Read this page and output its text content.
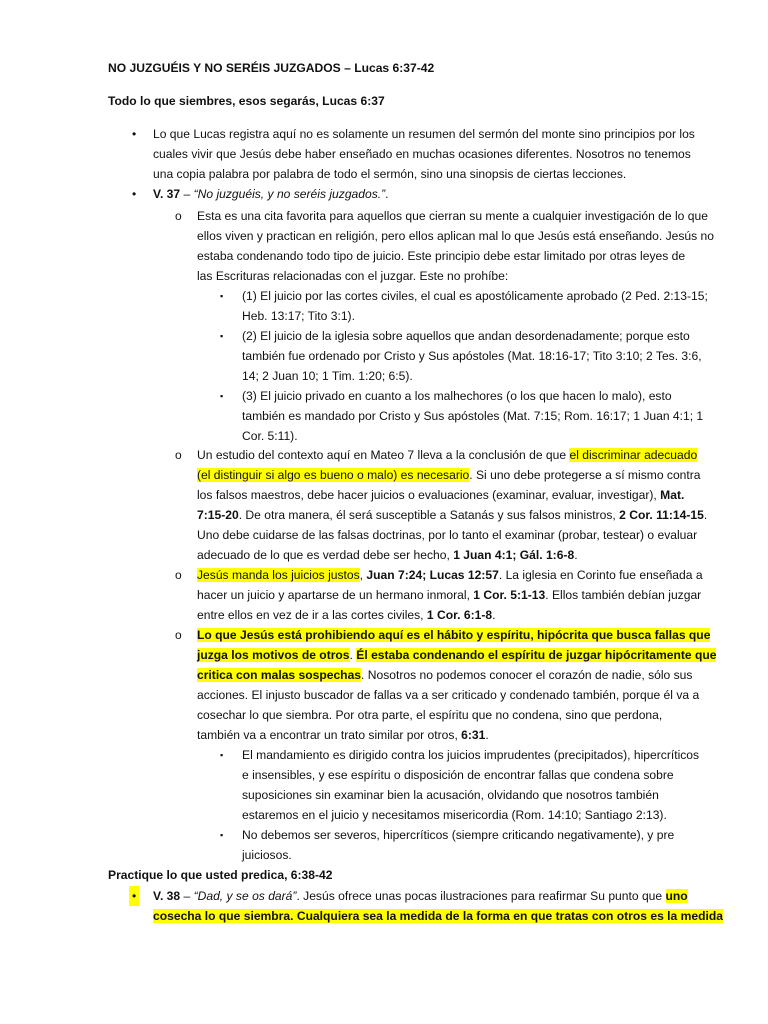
NO JUZGUÉIS Y NO SERÉIS JUZGADOS – Lucas 6:37-42
Todo lo que siembres, esos segarás, Lucas 6:37
• Lo que Lucas registra aquí no es solamente un resumen del sermón del monte sino principios por los
cuales vivir que Jesús debe haber enseñado en muchas ocasiones diferentes. Nosotros no tenemos
una copia palabra por palabra de todo el sermón, sino una sinopsis de ciertas lecciones.
• V. 37 – “No juzguéis, y no seréis juzgados.”.
o Esta es una cita favorita para aquellos que cierran su mente a cualquier investigación de lo que
ellos viven y practican en religión, pero ellos aplican mal lo que Jesús está enseñando. Jesús no
estaba condenando todo tipo de juicio. Este principio debe estar limitado por otras leyes de
las Escrituras relacionadas con el juzgar. Este no prohíbe:
▪ (1) El juicio por las cortes civiles, el cual es apostólicamente aprobado (2 Ped. 2:13-15;
Heb. 13:17; Tito 3:1).
▪ (2) El juicio de la iglesia sobre aquellos que andan desordenadamente; porque esto
también fue ordenado por Cristo y Sus apóstoles (Mat. 18:16-17; Tito 3:10; 2 Tes. 3:6,
14; 2 Juan 10; 1 Tim. 1:20; 6:5).
▪ (3) El juicio privado en cuanto a los malhechores (o los que hacen lo malo), esto
también es mandado por Cristo y Sus apóstoles (Mat. 7:15; Rom. 16:17; 1 Juan 4:1; 1
Cor. 5:11).
o Un estudio del contexto aquí en Mateo 7 lleva a la conclusión de que el discriminar adecuado
(el distinguir si algo es bueno o malo) es necesario. Si uno debe protegerse a sí mismo contra
los falsos maestros, debe hacer juicios o evaluaciones (examinar, evaluar, investigar), Mat.
7:15-20. De otra manera, él será susceptible a Satanás y sus falsos ministros, 2 Cor. 11:14-15.
Uno debe cuidarse de las falsas doctrinas, por lo tanto el examinar (probar, testear) o evaluar
adecuado de lo que es verdad debe ser hecho, 1 Juan 4:1; Gál. 1:6-8.
o Jesús manda los juicios justos, Juan 7:24; Lucas 12:57. La iglesia en Corinto fue enseñada a
hacer un juicio y apartarse de un hermano inmoral, 1 Cor. 5:1-13. Ellos también debían juzgar
entre ellos en vez de ir a las cortes civiles, 1 Cor. 6:1-8.
o Lo que Jesús está prohibiendo aquí es el hábito y espíritu, hipócrita que busca fallas que
juzga los motivos de otros. Él estaba condenando el espíritu de juzgar hipócritamente que
critica con malas sospechas. Nosotros no podemos conocer el corazón de nadie, sólo sus
acciones. El injusto buscador de fallas va a ser criticado y condenado también, porque él va a
cosechar lo que siembra. Por otra parte, el espíritu que no condena, sino que perdona,
también va a encontrar un trato similar por otros, 6:31.
▪ El mandamiento es dirigido contra los juicios imprudentes (precipitados), hipercríticos
e insensibles, y ese espíritu o disposición de encontrar fallas que condena sobre
suposiciones sin examinar bien la acusación, olvidando que nosotros también
estaremos en el juicio y necesitamos misericordia (Rom. 14:10; Santiago 2:13).
▪ No debemos ser severos, hipercríticos (siempre criticando negativamente), y pre
juiciosos.
Practique lo que usted predica, 6:38-42
• V. 38 – “Dad, y se os dará”. Jesús ofrece unas pocas ilustraciones para reafirmar Su punto que uno
cosecha lo que siembra. Cualquiera sea la medida de la forma en que tratas con otros es la medida
